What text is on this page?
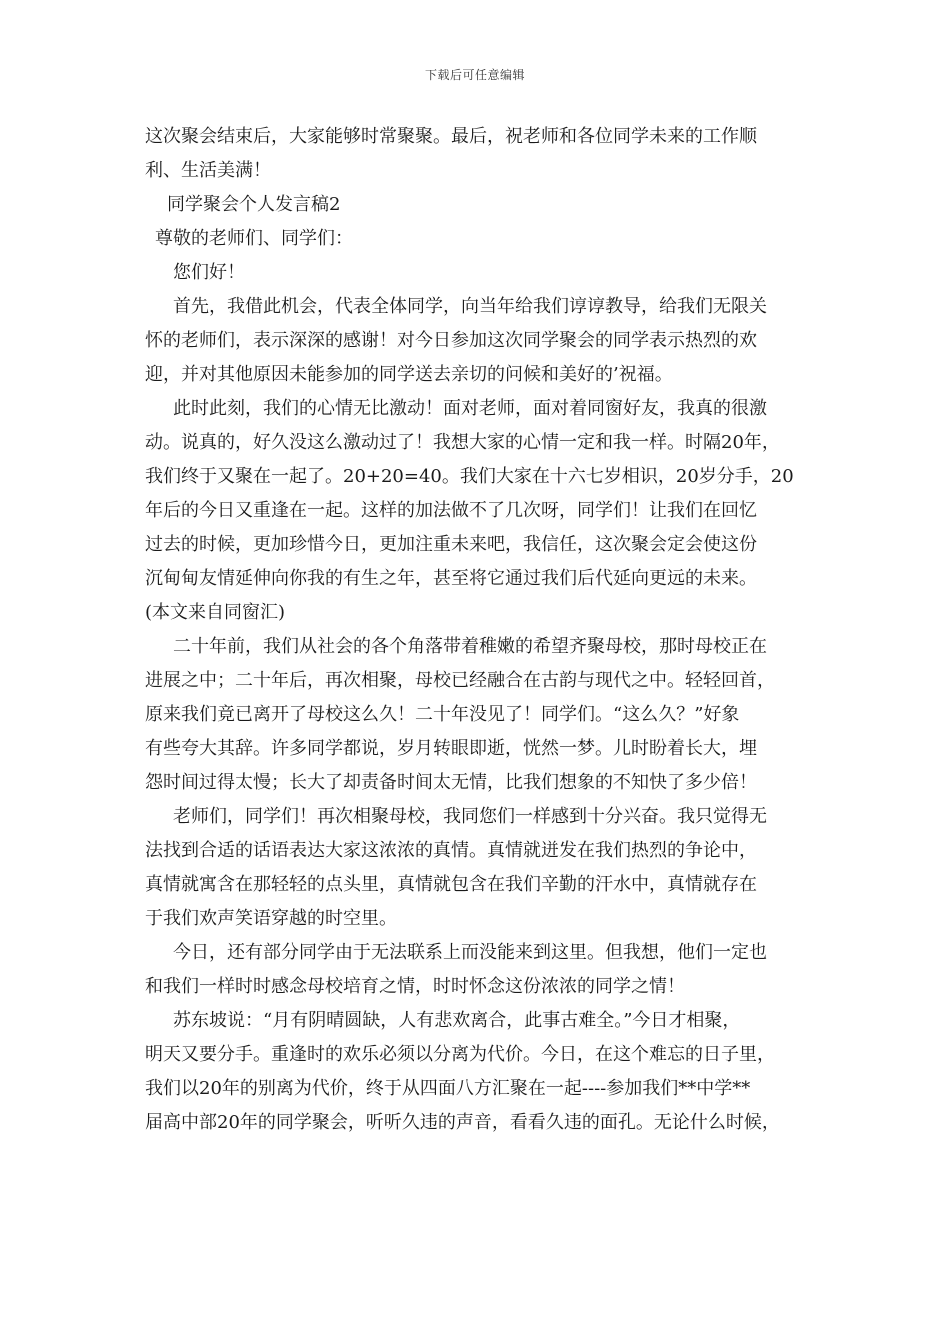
下载后可任意编辑
这次聚会结束后，大家能够时常聚聚。最后，祝老师和各位同学未来的工作顺
利、生活美满！
同学聚会个人发言稿2
尊敬的老师们、同学们：
您们好！
首先，我借此机会，代表全体同学，向当年给我们谆谆教导，给我们无限关
怀的老师们，表示深深的感谢！对今日参加这次同学聚会的同学表示热烈的欢
迎，并对其他原因未能参加的同学送去亲切的问候和美好的’祝福。
此时此刻，我们的心情无比激动！面对老师，面对着同窗好友，我真的很激
动。说真的，好久没这么激动过了！我想大家的心情一定和我一样。时隔20年，
我们终于又聚在一起了。20+20=40。我们大家在十六七岁相识，20岁分手，20
年后的今日又重逢在一起。这样的加法做不了几次呀，同学们！让我们在回忆
过去的时候，更加珍惜今日，更加注重未来吧，我信任，这次聚会定会使这份
沉甸甸友情延伸向你我的有生之年，甚至将它通过我们后代延向更远的未来。
(本文来自同窗汇)
二十年前，我们从社会的各个角落带着稚嫩的希望齐聚母校，那时母校正在
进展之中；二十年后，再次相聚，母校已经融合在古韵与现代之中。轻轻回首，
原来我们竟已离开了母校这么久！二十年没见了！同学们。“这么久？”好象
有些夸大其辞。许多同学都说，岁月转眼即逝，恍然一梦。儿时盼着长大，埋
怨时间过得太慢；长大了却责备时间太无情，比我们想象的不知快了多少倍！
老师们，同学们！再次相聚母校，我同您们一样感到十分兴奋。我只觉得无
法找到合适的话语表达大家这浓浓的真情。真情就迸发在我们热烈的争论中，
真情就寓含在那轻轻的点头里，真情就包含在我们辛勤的汗水中，真情就存在
于我们欢声笑语穿越的时空里。
今日，还有部分同学由于无法联系上而没能来到这里。但我想，他们一定也
和我们一样时时感念母校培育之情，时时怀念这份浓浓的同学之情！
苏东坡说：“月有阴晴圆缺，人有悲欢离合，此事古难全。”今日才相聚，
明天又要分手。重逢时的欢乐必须以分离为代价。今日，在这个难忘的日子里，
我们以20年的别离为代价，终于从四面八方汇聚在一起----参加我们**中学**
届高中部20年的同学聚会，听听久违的声音，看看久违的面孔。无论什么时候，
